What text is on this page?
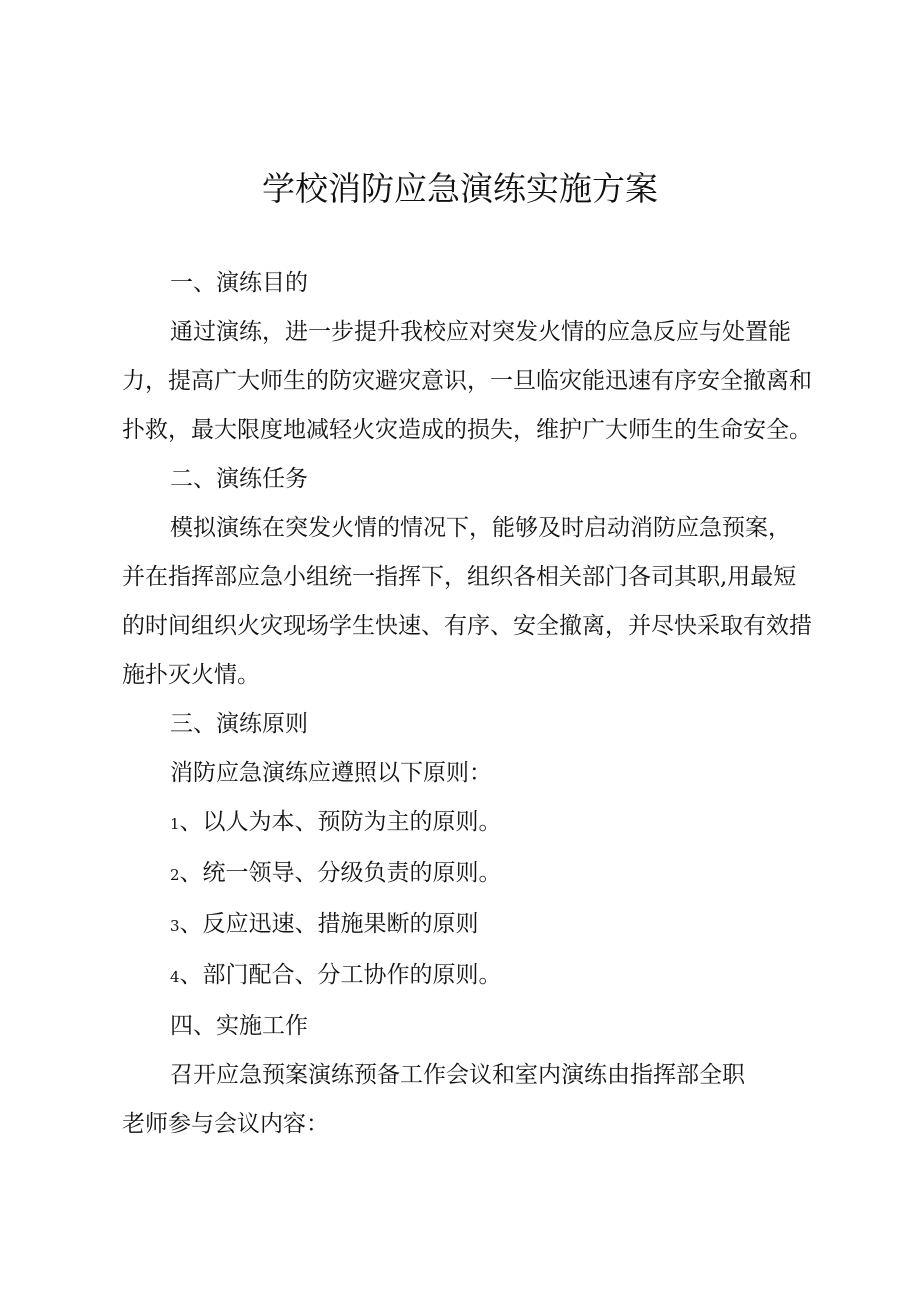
学校消防应急演练实施方案

一、演练目的

通过演练，进一步提升我校应对突发火情的应急反应与处置能
力，提高广大师生的防灾避灾意识，一旦临灾能迅速有序安全撤离和
扑救，最大限度地减轻火灾造成的损失，维护广大师生的生命安全。

二、演练任务

模拟演练在突发火情的情况下，能够及时启动消防应急预案，
并在指挥部应急小组统一指挥下，组织各相关部门各司其职,用最短
的时间组织火灾现场学生快速、有序、安全撤离，并尽快采取有效措
施扑灭火情。

三、演练原则

消防应急演练应遵照以下原则：

1、以人为本、预防为主的原则。

2、统一领导、分级负责的原则。

3、反应迅速、措施果断的原则

4、部门配合、分工协作的原则。

四、实施工作

召开应急预案演练预备工作会议和室内演练由指挥部全职
老师参与会议内容：
